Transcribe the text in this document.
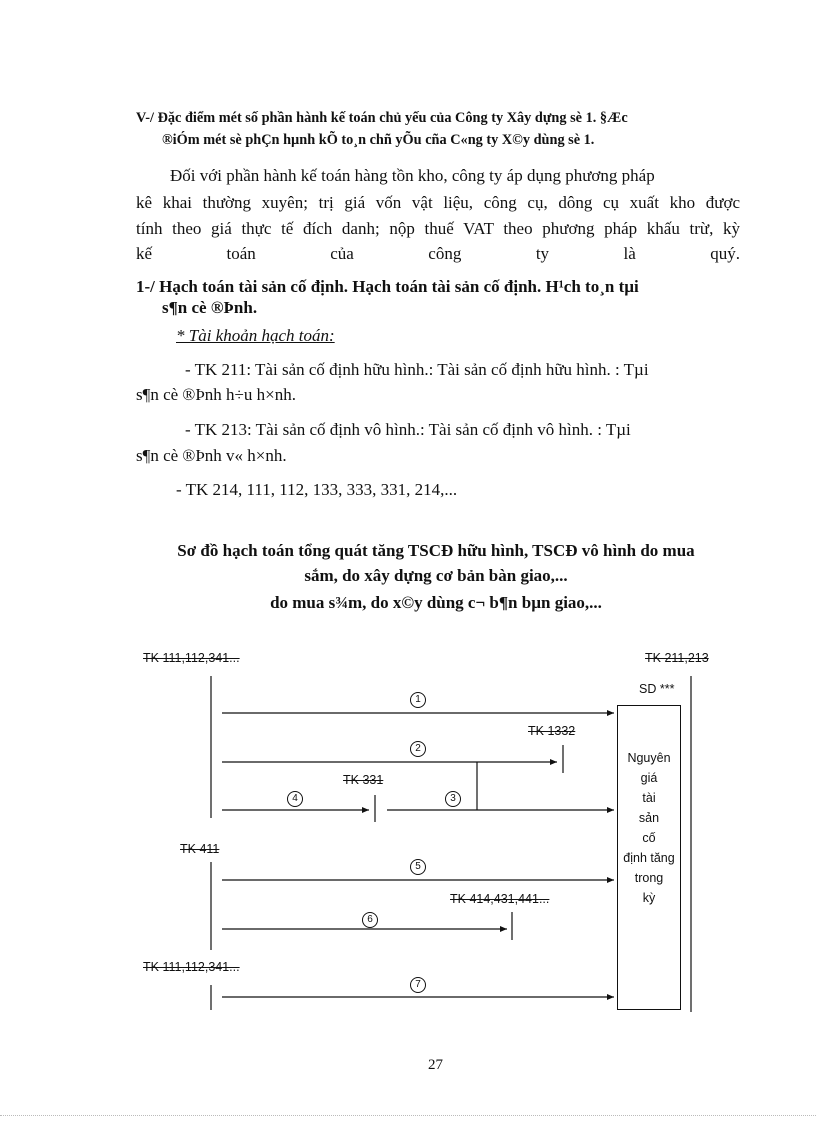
V-/ Đặc điểm mét số phần hành kế toán chủ yếu của Công ty Xây dựng sè 1. §Æc
®iÓm mét sè phÇn hµnh kÕ to¸n chñ yÕu cña C«ng ty X©y dùng sè 1.
Đối với phần hành kế toán hàng tồn kho, công ty áp dụng phương pháp
kê khai thường xuyên; trị giá vốn vật liệu, công cụ, dông cụ xuất kho được
tính theo giá thực tế đích danh; nộp thuế VAT theo phương pháp khấu trừ, kỳ
kế toán của công ty là quý.
1-/ Hạch toán tài sản cố định. Hạch toán tài sản cố định. H¹ch to¸n tµi
s¶n cè ®Þnh.
* Tài khoản hạch toán:
- TK 211: Tài sản cố định hữu hình.: Tài sản cố định hữu hình. : Tµi
s¶n cè ®Þnh h÷u h×nh.
- TK 213: Tài sản cố định vô hình.: Tài sản cố định vô hình. : Tµi
s¶n cè ®Þnh v« h×nh.
- TK 214, 111, 112, 133, 333, 331, 214,...
Sơ đồ hạch toán tổng quát tăng TSCĐ hữu hình, TSCĐ vô hình do mua
sắm, do xây dựng cơ bản bàn giao,...
do mua s¾m, do x©y dùng c¬ b¶n bµn giao,...
TK 111,112,341...	TK 211,213
SD ***
TK 1332
TK 331
TK 411
TK 414,431,441...
TK 111,112,341...
1
2
3
4
5
6
7
Nguyên
giá
tài
sản
cố
định tăng
trong
kỳ
27
